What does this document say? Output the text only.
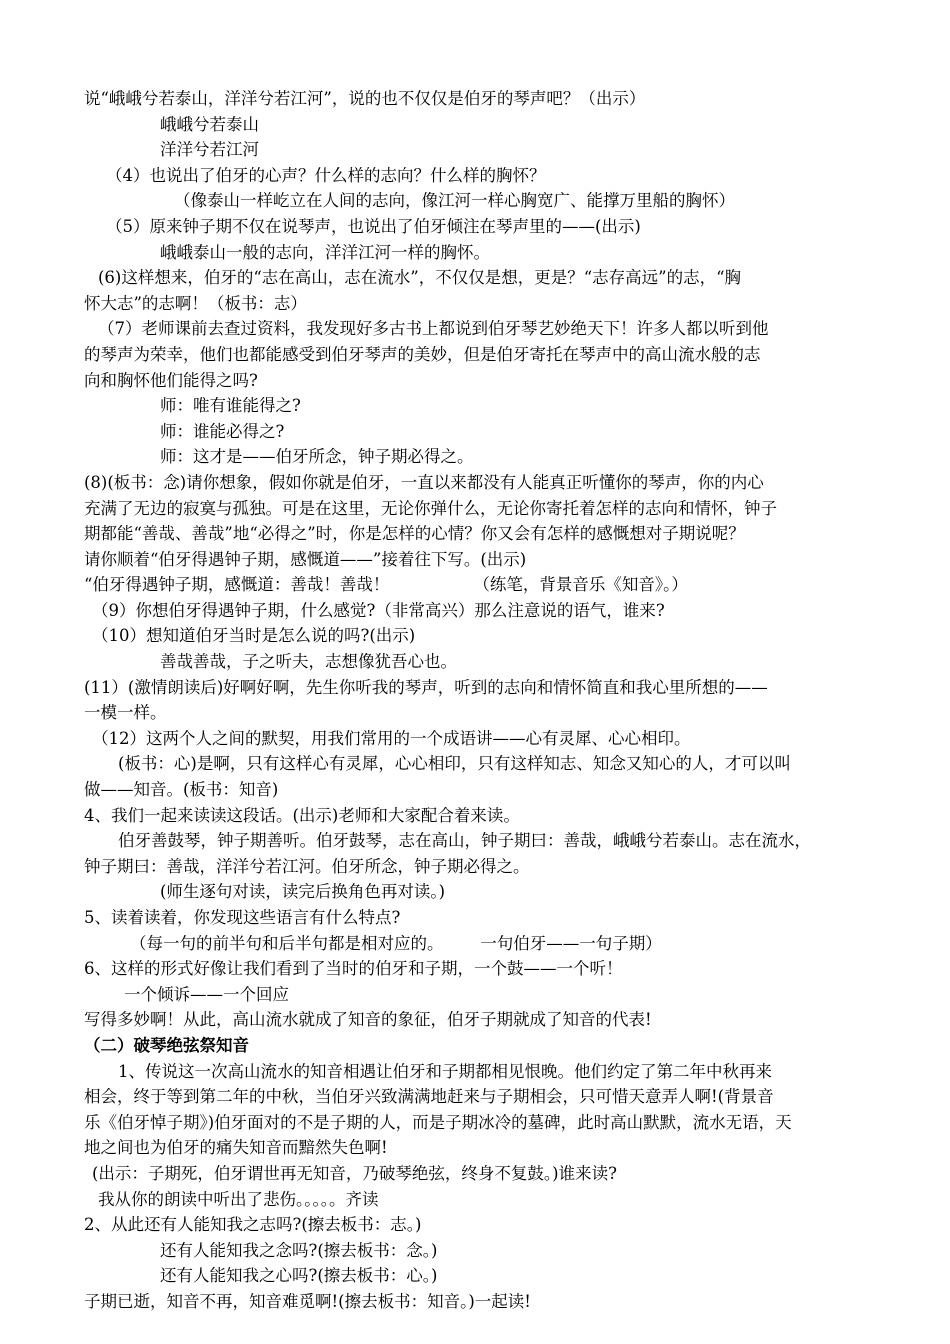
说“峨峨兮若泰山，洋洋兮若江河”，说的也不仅仅是伯牙的琴声吧？（出示）
峨峨兮若泰山
洋洋兮若江河
（4）也说出了伯牙的心声？什么样的志向？什么样的胸怀？
（像泰山一样屹立在人间的志向，像江河一样心胸宽广、能撑万里船的胸怀）
（5）原来钟子期不仅在说琴声，也说出了伯牙倾注在琴声里的——(出示)
峨峨泰山一般的志向，洋洋江河一样的胸怀。
(6)这样想来，伯牙的“志在高山，志在流水”，不仅仅是想，更是？“志存高远”的志，“胸
怀大志”的志啊！（板书：志）
（7）老师课前去查过资料，我发现好多古书上都说到伯牙琴艺妙绝天下！许多人都以听到他
的琴声为荣幸，他们也都能感受到伯牙琴声的美妙，但是伯牙寄托在琴声中的高山流水般的志
向和胸怀他们能得之吗?
师：唯有谁能得之?
师：谁能必得之?
师：这才是——伯牙所念，钟子期必得之。
(8)(板书：念)请你想象，假如你就是伯牙，一直以来都没有人能真正听懂你的琴声，你的内心
充满了无边的寂寞与孤独。可是在这里，无论你弹什么，无论你寄托着怎样的志向和情怀，钟子
期都能“善哉、善哉”地“必得之”时，你是怎样的心情？你又会有怎样的感慨想对子期说呢？
请你顺着“伯牙得遇钟子期，感慨道——”接着往下写。(出示)
“伯牙得遇钟子期，感慨道：善哉！善哉！                （练笔，背景音乐《知音》。）
（9）你想伯牙得遇钟子期，什么感觉?（非常高兴）那么注意说的语气，谁来?
（10）想知道伯牙当时是怎么说的吗?(出示)
善哉善哉，子之听夫，志想像犹吾心也。
(11）(激情朗读后)好啊好啊，先生你听我的琴声，听到的志向和情怀简直和我心里所想的——
一模一样。
（12）这两个人之间的默契，用我们常用的一个成语讲——心有灵犀、心心相印。
(板书：心)是啊，只有这样心有灵犀，心心相印，只有这样知志、知念又知心的人，才可以叫
做——知音。(板书：知音)
4、我们一起来读读这段话。(出示)老师和大家配合着来读。
伯牙善鼓琴，钟子期善听。伯牙鼓琴，志在高山，钟子期曰：善哉，峨峨兮若泰山。志在流水，
钟子期曰：善哉，洋洋兮若江河。伯牙所念，钟子期必得之。
(师生逐句对读，读完后换角色再对读。)
5、读着读着，你发现这些语言有什么特点?
（每一句的前半句和后半句都是相对应的。       一句伯牙——一句子期）
6、这样的形式好像让我们看到了当时的伯牙和子期，一个鼓——一个听！
一个倾诉——一个回应
写得多妙啊！从此，高山流水就成了知音的象征，伯牙子期就成了知音的代表!
（二）破琴绝弦祭知音
1、传说这一次高山流水的知音相遇让伯牙和子期都相见恨晚。他们约定了第二年中秋再来
相会，终于等到第二年的中秋，当伯牙兴致满满地赶来与子期相会，只可惜天意弄人啊!(背景音
乐《伯牙悼子期》)伯牙面对的不是子期的人，而是子期冰冷的墓碑，此时高山默默，流水无语，天
地之间也为伯牙的痛失知音而黯然失色啊!
(出示：子期死，伯牙谓世再无知音，乃破琴绝弦，终身不复鼓。)谁来读?
我从你的朗读中听出了悲伤。。。。。齐读
2、从此还有人能知我之志吗?(擦去板书：志。)
还有人能知我之念吗?(擦去板书：念。)
还有人能知我之心吗?(擦去板书：心。)
子期已逝，知音不再，知音难觅啊!(擦去板书：知音。)一起读!
